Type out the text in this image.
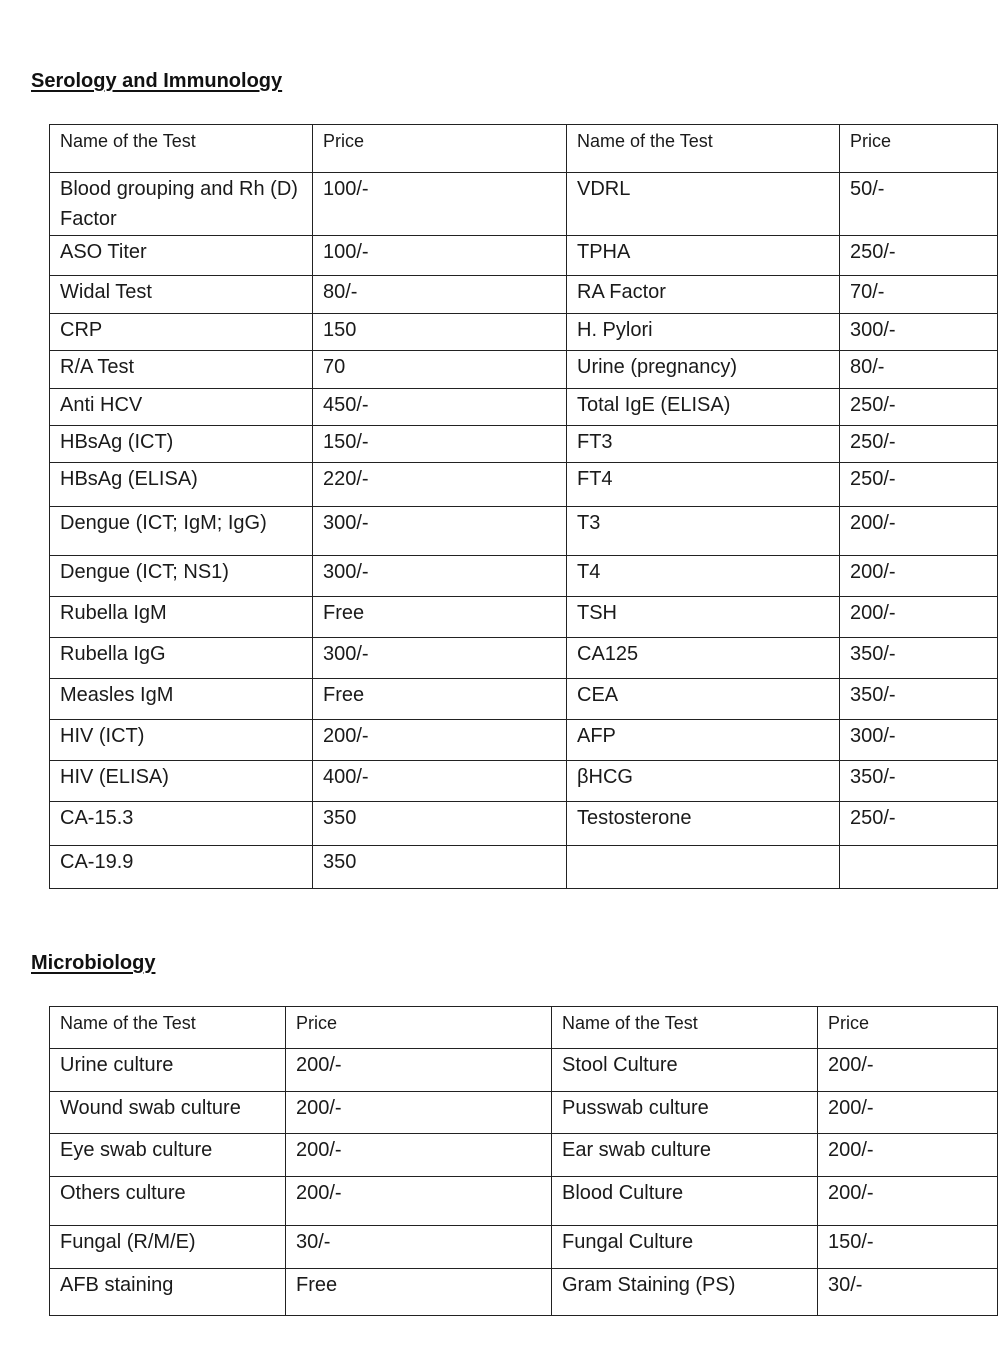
Serology and Immunology
Name of the Test	Price	Name of the Test	Price
Blood grouping and Rh (D) Factor	100/-	VDRL	50/-
ASO Titer	100/-	TPHA	250/-
Widal Test	80/-	RA Factor	70/-
CRP	150	H. Pylori	300/-
R/A Test	70	Urine (pregnancy)	80/-
Anti HCV	450/-	Total IgE (ELISA)	250/-
HBsAg (ICT)	150/-	FT3	250/-
HBsAg (ELISA)	220/-	FT4	250/-
Dengue (ICT; IgM; IgG)	300/-	T3	200/-
Dengue (ICT; NS1)	300/-	T4	200/-
Rubella IgM	Free	TSH	200/-
Rubella IgG	300/-	CA125	350/-
Measles IgM	Free	CEA	350/-
HIV (ICT)	200/-	AFP	300/-
HIV (ELISA)	400/-	βHCG	350/-
CA-15.3	350	Testosterone	250/-
CA-19.9	350		
Microbiology
Name of the Test	Price	Name of the Test	Price
Urine culture	200/-	Stool Culture	200/-
Wound swab culture	200/-	Pusswab culture	200/-
Eye swab culture	200/-	Ear swab culture	200/-
Others culture	200/-	Blood Culture	200/-
Fungal (R/M/E)	30/-	Fungal Culture	150/-
AFB staining	Free	Gram Staining (PS)	30/-
